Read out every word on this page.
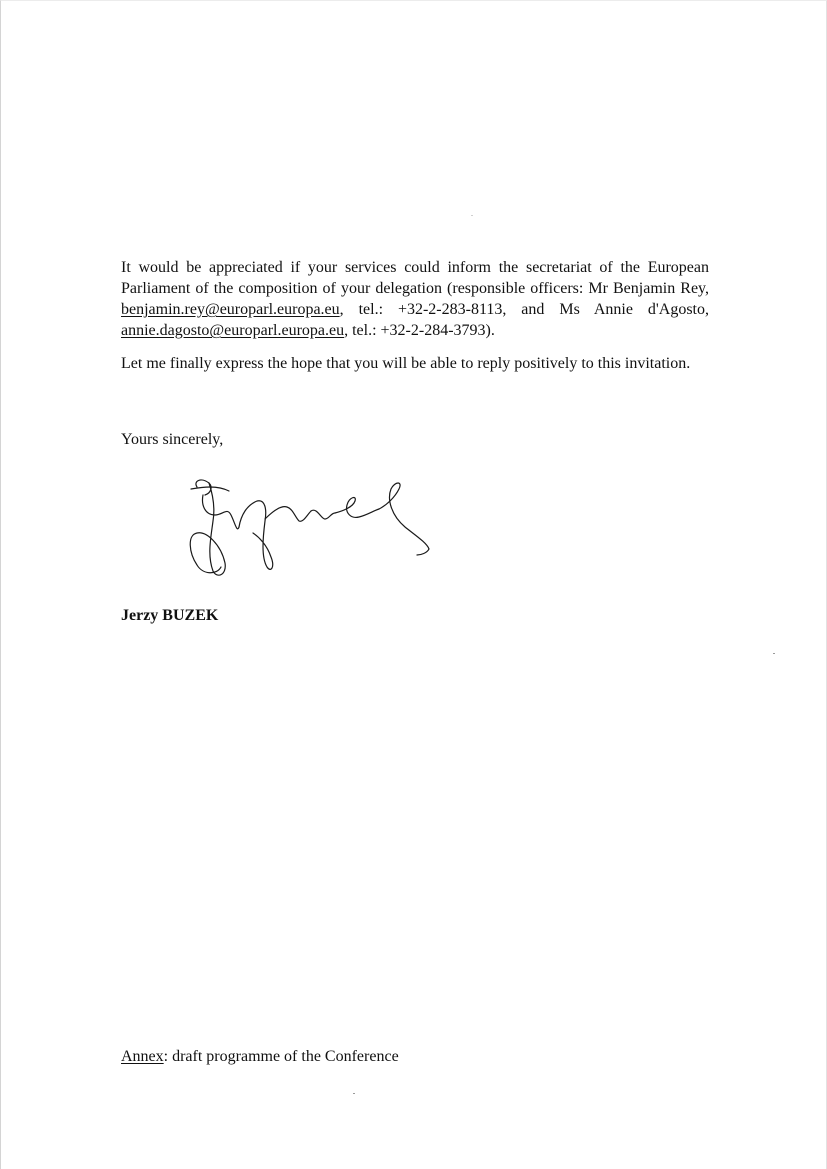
It would be appreciated if your services could inform the secretariat of the European Parliament of the composition of your delegation (responsible officers: Mr Benjamin Rey, benjamin.rey@europarl.europa.eu, tel.: +32-2-283-8113, and Ms Annie d'Agosto, annie.dagosto@europarl.europa.eu, tel.: +32-2-284-3793).

Let me finally express the hope that you will be able to reply positively to this invitation.

Yours sincerely,

Jerzy BUZEK

Annex: draft programme of the Conference
